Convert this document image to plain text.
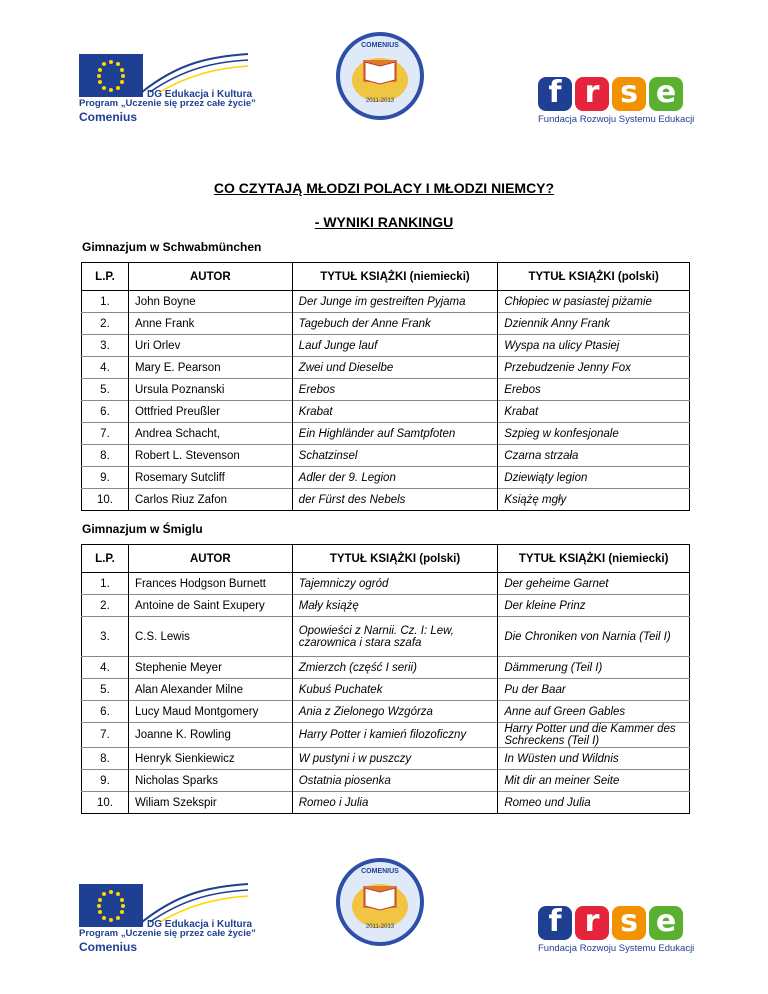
DG Edukacja i Kultura
Program „Uczenie się przez całe życie”
Comenius
COMENIUS
2011-2013	f r s e
Fundacja Rozwoju Systemu Edukacji
CO CZYTAJĄ MŁODZI POLACY I MŁODZI NIEMCY?
- WYNIKI RANKINGU
Gimnazjum w Schwabmünchen
L.P.	AUTOR	TYTUŁ KSIĄŻKI (niemiecki)	TYTUŁ KSIĄŻKI (polski)
1.	John Boyne	Der Junge im gestreiften Pyjama	Chłopiec w pasiastej piżamie
2.	Anne Frank	Tagebuch der Anne Frank	Dziennik Anny Frank
3.	Uri Orlev	Lauf Junge lauf	Wyspa na ulicy Ptasiej
4.	Mary E. Pearson	Zwei und Dieselbe	Przebudzenie Jenny Fox
5.	Ursula Poznanski	Erebos	Erebos
6.	Ottfried Preußler	Krabat	Krabat
7.	Andrea Schacht,	Ein Highländer auf Samtpfoten	Szpieg w konfesjonale
8.	Robert L. Stevenson	Schatzinsel	Czarna strzała
9.	Rosemary Sutcliff	Adler der 9. Legion	Dziewiąty legion
10.	Carlos Riuz Zafon	der Fürst des Nebels	Książę mgły
Gimnazjum w Śmiglu
L.P.	AUTOR	TYTUŁ KSIĄŻKI (polski)	TYTUŁ KSIĄŻKI (niemiecki)
1.	Frances Hodgson Burnett	Tajemniczy ogród	Der geheime Garnet
2.	Antoine de Saint Exupery	Mały książę	Der kleine Prinz
3.	C.S. Lewis	Opowieści z Narnii. Cz. I: Lew, czarownica i stara szafa	Die Chroniken von Narnia (Teil I)
4.	Stephenie Meyer	Zmierzch (część I serii)	Dämmerung (Teil I)
5.	Alan Alexander Milne	Kubuś Puchatek	Pu der Baar
6.	Lucy Maud Montgomery	Ania z Zielonego Wzgórza	Anne auf Green Gables
7.	Joanne K. Rowling	Harry Potter i kamień filozoficzny	Harry Potter und die Kammer des Schreckens (Teil I)
8.	Henryk Sienkiewicz	W pustyni i w puszczy	In Wüsten und Wildnis
9.	Nicholas Sparks	Ostatnia piosenka	Mit dir an meiner Seite
10.	Wiliam Szekspir	Romeo i Julia	Romeo und Julia
DG Edukacja i Kultura
Program „Uczenie się przez całe życie”
Comenius
COMENIUS
2011-2013	f r s e
Fundacja Rozwoju Systemu Edukacji
